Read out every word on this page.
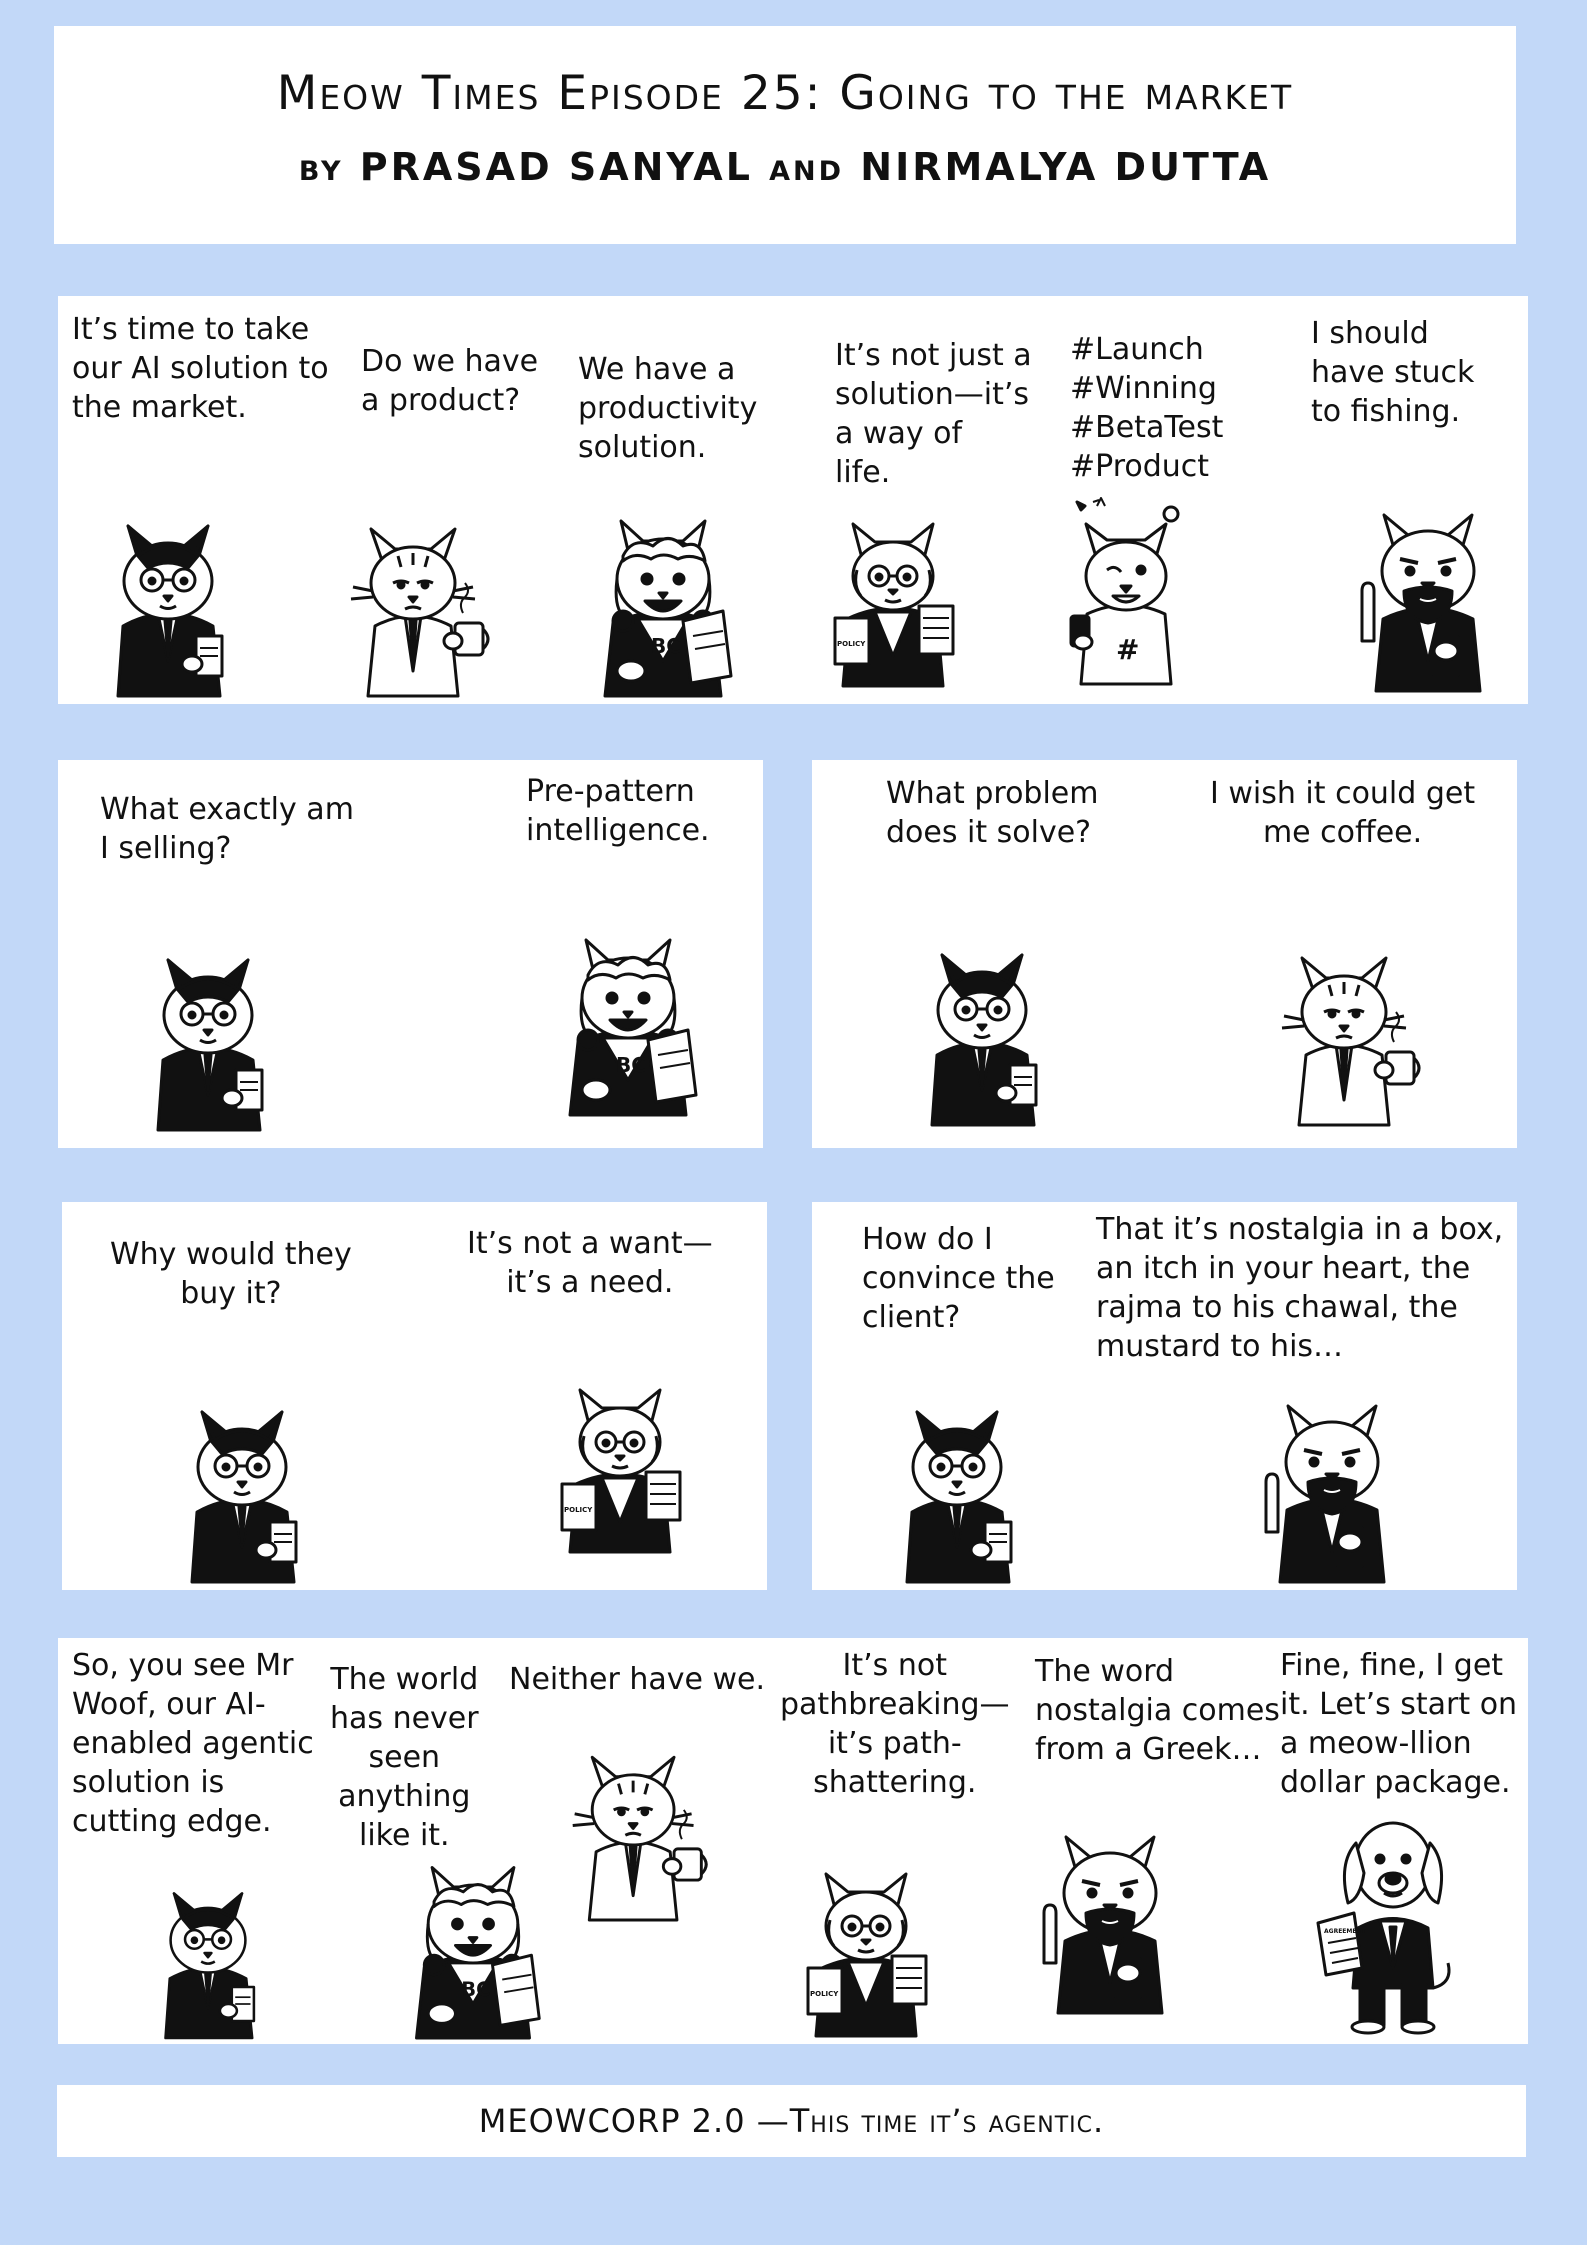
Meow Times Episode 25: Going to the market
by PRASAD SANYAL and NIRMALYA DUTTA
It’s time to take
our AI solution to
the market.
Do we have
a product?
We have a
productivity
solution.
It’s not just a
solution—it’s
a way of
life.
#Launch
#Winning
#BetaTest
#Product
I should
have stuck
to fishing.
What exactly am
I selling?
Pre-pattern
intelligence.
What problem
does it solve?
I wish it could get
me coffee.
Why would they
buy it?
It’s not a want—
it’s a need.
How do I
convince the
client?
That it’s nostalgia in a box,
an itch in your heart, the
rajma to his chawal, the
mustard to his…
So, you see Mr
Woof, our AI-
enabled agentic
solution is
cutting edge.
The world
has never
seen
anything
like it.
Neither have we.	It’s not
pathbreaking—
it’s path-
shattering.
The word
nostalgia comes
from a Greek…
Fine, fine, I get
it. Let’s start on
a meow-llion
dollar package.
MEOWCORP 2.0 —This time it’s agentic.
